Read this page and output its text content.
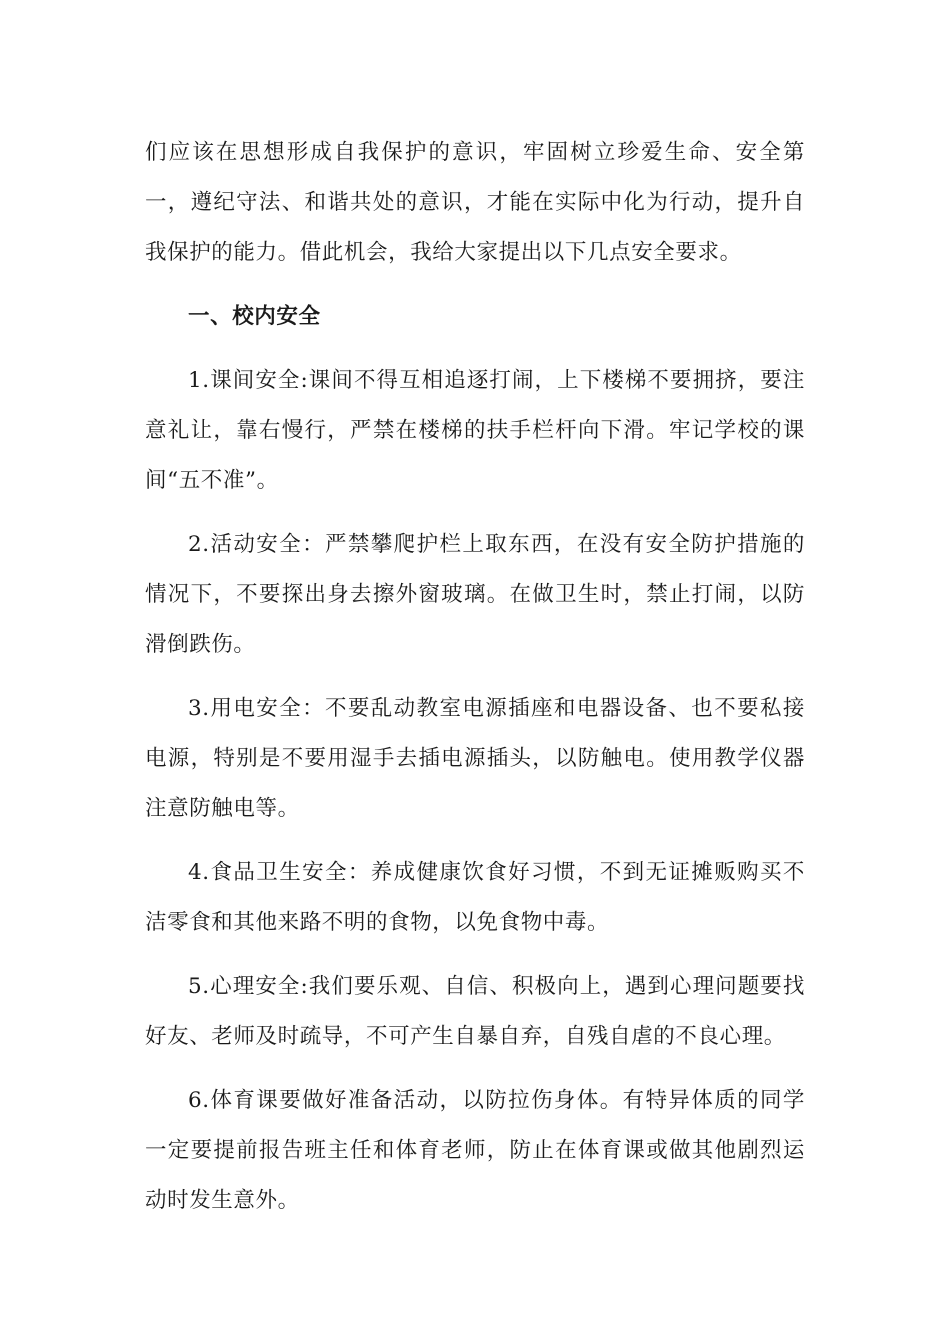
们应该在思想形成自我保护的意识，牢固树立珍爱生命、安全第一，遵纪守法、和谐共处的意识，才能在实际中化为行动，提升自我保护的能力。借此机会，我给大家提出以下几点安全要求。

一、校内安全

1.课间安全:课间不得互相追逐打闹，上下楼梯不要拥挤，要注意礼让，靠右慢行，严禁在楼梯的扶手栏杆向下滑。牢记学校的课间“五不准”。

2.活动安全：严禁攀爬护栏上取东西，在没有安全防护措施的情况下，不要探出身去擦外窗玻璃。在做卫生时，禁止打闹，以防滑倒跌伤。

3.用电安全：不要乱动教室电源插座和电器设备、也不要私接电源，特别是不要用湿手去插电源插头，以防触电。使用教学仪器注意防触电等。

4.食品卫生安全：养成健康饮食好习惯，不到无证摊贩购买不洁零食和其他来路不明的食物，以免食物中毒。

5.心理安全:我们要乐观、自信、积极向上，遇到心理问题要找好友、老师及时疏导，不可产生自暴自弃，自残自虐的不良心理。

6.体育课要做好准备活动，以防拉伤身体。有特异体质的同学一定要提前报告班主任和体育老师，防止在体育课或做其他剧烈运动时发生意外。
